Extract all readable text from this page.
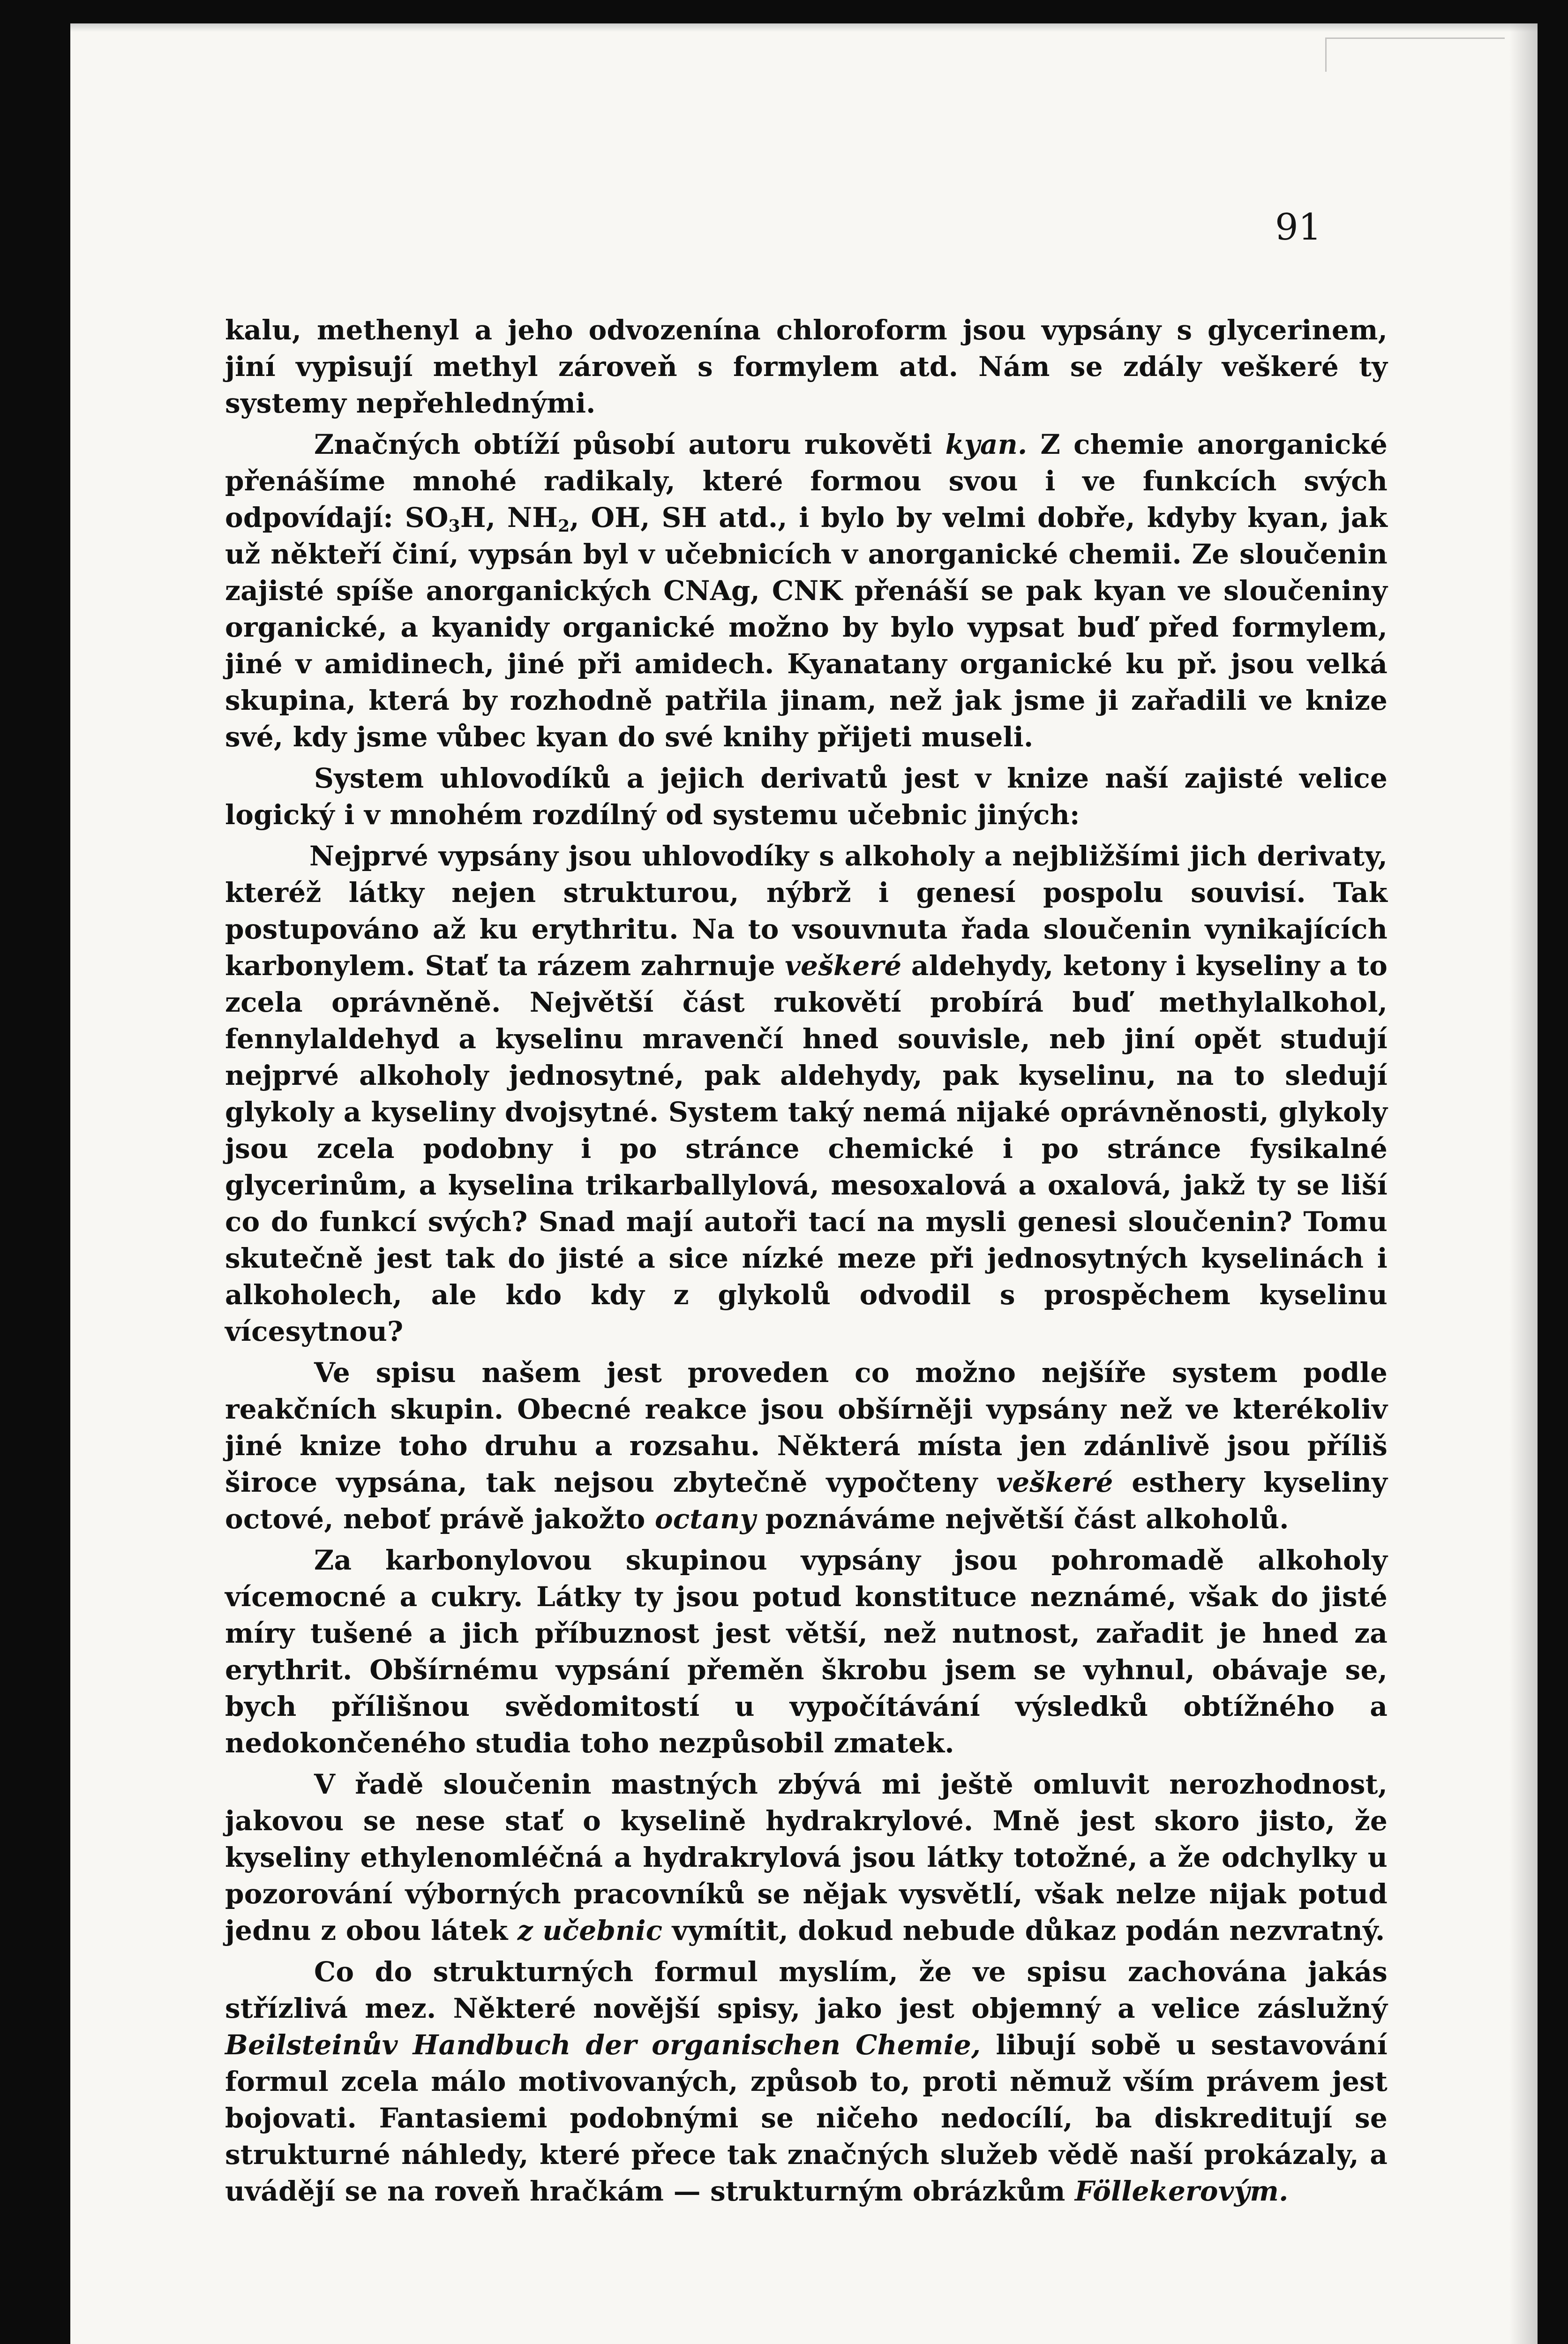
91

kalu, methenyl a jeho odvozenína chloroform jsou vypsány s glycerinem, jiní vypisují methyl zároveň s formylem atd. Nám se zdály veškeré ty systemy nepřehlednými.

Značných obtíží působí autoru rukověti kyan. Z chemie anorganické přenášíme mnohé radikaly, které formou svou i ve funkcích svých odpovídají: $SO_3H$, $NH_2$, OH, SH atd., i bylo by velmi dobře, kdyby kyan, jak už někteří činí, vypsán byl v učebnicích v anorganické chemii. Ze sloučenin zajisté spíše anorganických CNAg, CNK přenáší se pak kyan ve sloučeniny organické, a kyanidy organické možno by bylo vypsat buď před formylem, jiné v amidinech, jiné při amidech. Kyanatany organické ku př. jsou velká skupina, která by rozhodně patřila jinam, než jak jsme ji zařadili ve knize své, kdy jsme vůbec kyan do své knihy přijeti museli.

System uhlovodíků a jejich derivatů jest v knize naší zajisté velice logický i v mnohém rozdílný od systemu učebnic jiných:

Nejprvé vypsány jsou uhlovodíky s alkoholy a nejbližšími jich derivaty, kteréž látky nejen strukturou, nýbrž i genesí pospolu souvisí. Tak postupováno až ku erythritu. Na to vsouvnuta řada sloučenin vynikajících karbonylem. Stať ta rázem zahrnuje veškeré aldehydy, ketony i kyseliny a to zcela oprávněně. Největší část rukovětí probírá buď methylalkohol, fennylaldehyd a kyselinu mravenčí hned souvisle, neb jiní opět studují nejprvé alkoholy jednosytné, pak aldehydy, pak kyselinu, na to sledují glykoly a kyseliny dvojsytné. System taký nemá nijaké oprávněnosti, glykoly jsou zcela podobny i po stránce chemické i po stránce fysikalné glycerinům, a kyselina trikarballylová, mesoxalová a oxalová, jakž ty se liší co do funkcí svých? Snad mají autoři tací na mysli genesi sloučenin? Tomu skutečně jest tak do jisté a sice nízké meze při jednosytných kyselinách i alkoholech, ale kdo kdy z glykolů odvodil s prospěchem kyselinu vícesytnou?

Ve spisu našem jest proveden co možno nejšíře system podle reakčních skupin. Obecné reakce jsou obšírněji vypsány než ve kterékoliv jiné knize toho druhu a rozsahu. Některá místa jen zdánlivě jsou příliš široce vypsána, tak nejsou zbytečně vypočteny veškeré esthery kyseliny octové, neboť právě jakožto octany poznáváme největší část alkoholů.

Za karbonylovou skupinou vypsány jsou pohromadě alkoholy vícemocné a cukry. Látky ty jsou potud konstituce neznámé, však do jisté míry tušené a jich příbuznost jest větší, než nutnost, zařadit je hned za erythrit. Obšírnému vypsání přeměn škrobu jsem se vyhnul, obávaje se, bych přílišnou svědomitostí u vypočítávání výsledků obtížného a nedokončeného studia toho nezpůsobil zmatek.

V řadě sloučenin mastných zbývá mi ještě omluvit nerozhodnost, jakovou se nese stať o kyselině hydrakrylové. Mně jest skoro jisto, že kyseliny ethylenomléčná a hydrakrylová jsou látky totožné, a že odchylky u pozorování výborných pracovníků se nějak vysvětlí, však nelze nijak potud jednu z obou látek z učebnic vymítit, dokud nebude důkaz podán nezvratný.

Co do strukturných formul myslím, že ve spisu zachována jakás střízlivá mez. Některé novější spisy, jako jest objemný a velice záslužný Beilsteinův Handbuch der organischen Chemie, libují sobě u sestavování formul zcela málo motivovaných, způsob to, proti němuž vším právem jest bojovati. Fantasiemi podobnými se ničeho nedocílí, ba diskreditují se strukturné náhledy, které přece tak značných služeb vědě naší prokázaly, a uvádějí se na roveň hračkám — strukturným obrázkům Föllekerovým.
